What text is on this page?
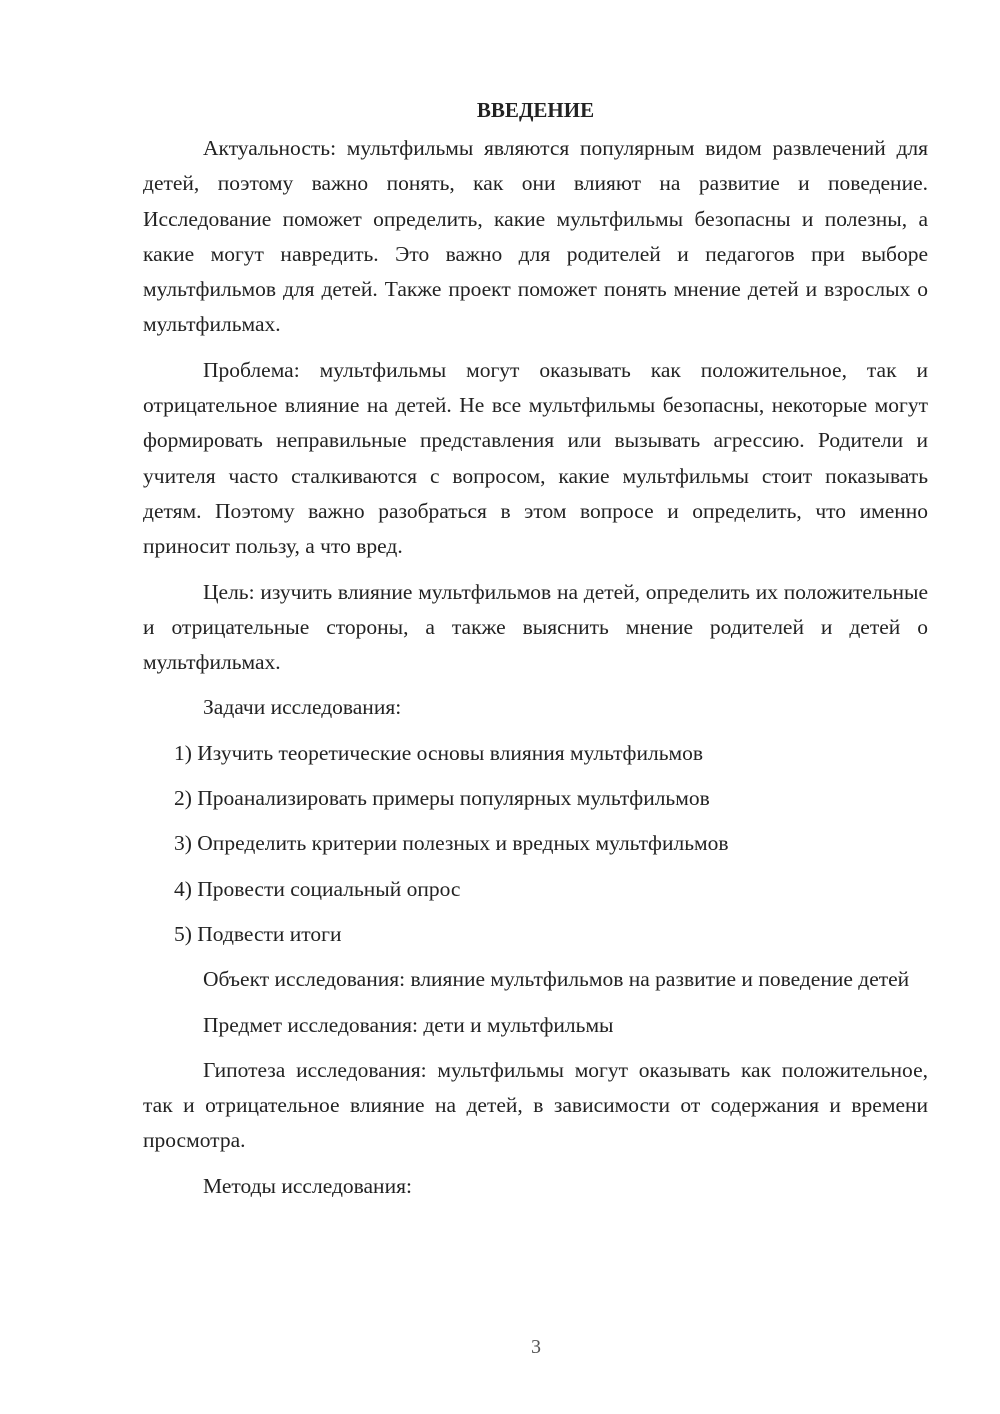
ВВЕДЕНИЕ

Актуальность: мультфильмы являются популярным видом развлечений для детей, поэтому важно понять, как они влияют на развитие и поведение. Исследование поможет определить, какие мультфильмы безопасны и полезны, а какие могут навредить. Это важно для родителей и педагогов при выборе мультфильмов для детей. Также проект поможет понять мнение детей и взрослых о мультфильмах.

Проблема: мультфильмы могут оказывать как положительное, так и отрицательное влияние на детей. Не все мультфильмы безопасны, некоторые могут формировать неправильные представления или вызывать агрессию. Родители и учителя часто сталкиваются с вопросом, какие мультфильмы стоит показывать детям. Поэтому важно разобраться в этом вопросе и определить, что именно приносит пользу, а что вред.

Цель: изучить влияние мультфильмов на детей, определить их положительные и отрицательные стороны, а также выяснить мнение родителей и детей о мультфильмах.

Задачи исследования:

1) Изучить теоретические основы влияния мультфильмов
2) Проанализировать примеры популярных мультфильмов
3) Определить критерии полезных и вредных мультфильмов
4) Провести социальный опрос
5) Подвести итоги

Объект исследования: влияние мультфильмов на развитие и поведение детей

Предмет исследования: дети и мультфильмы

Гипотеза исследования: мультфильмы могут оказывать как положительное, так и отрицательное влияние на детей, в зависимости от содержания и времени просмотра.

Методы исследования:

3
